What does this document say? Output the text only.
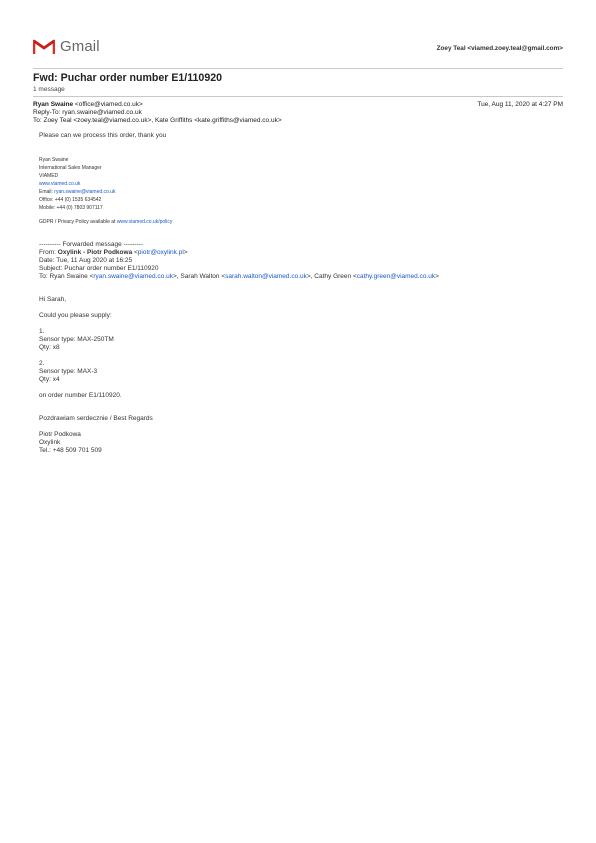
Gmail	Zoey Teal <viamed.zoey.teal@gmail.com>
Fwd: Puchar order number E1/110920
1 message
Ryan Swaine <office@viamed.co.uk>	Tue, Aug 11, 2020 at 4:27 PM
Reply-To: ryan.swaine@viamed.co.uk
To: Zoey Teal <zoey.teal@viamed.co.uk>, Kate Griffiths <kate.griffiths@viamed.co.uk>
Please can we process this order, thank you
Ryan Swaine
International Sales Manager
VIAMED
www.viamed.co.uk
Email: ryan.swaine@viamed.co.uk
Office: +44 (0) 1535 634542
Mobile: +44 (0) 7803 907117
GDPR / Privacy Policy available at www.viamed.co.uk/policy
---------- Forwarded message ---------
From: Oxylink - Piotr Podkowa <piotr@oxylink.pl>
Date: Tue, 11 Aug 2020 at 16:25
Subject: Puchar order number E1/110920
To: Ryan Swaine <ryan.swaine@viamed.co.uk>, Sarah Walton <sarah.walton@viamed.co.uk>, Cathy Green <cathy.green@viamed.co.uk>
Hi Sarah,
Could you please supply:
1.
Sensor type: MAX-250TM
Qty: x8
2.
Sensor type: MAX-3
Qty: x4
on order number E1/110920.
Pozdrawiam serdecznie / Best Regards
Piotr Podkowa
Oxylink
Tel.: +48 509 701 509
